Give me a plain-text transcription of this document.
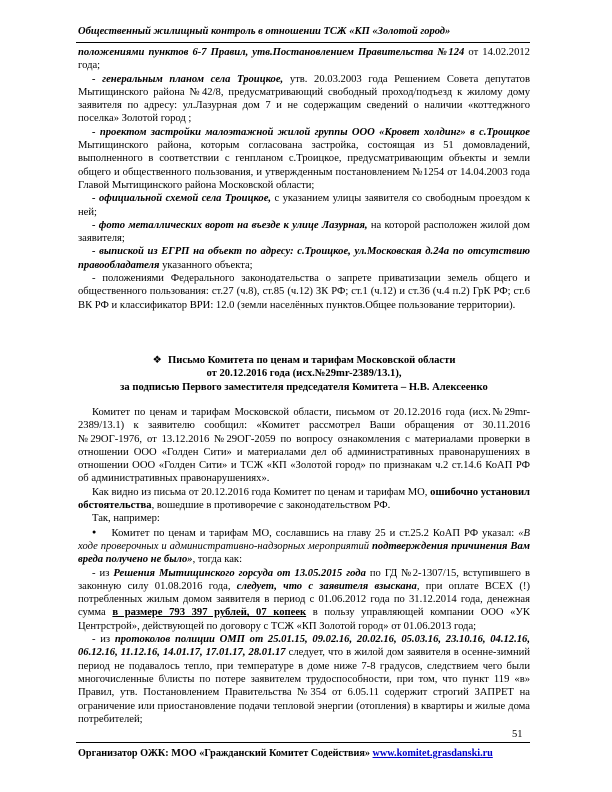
Общественный жилищный контроль в отношении ТСЖ «КП «Золотой город»

положениями пунктов 6-7 Правил, утв.Постановлением Правительства №124 от 14.02.2012 года;

- генеральным планом села Троицкое, утв. 20.03.2003 года Решением Совета депутатов Мытищинского района №42/8, предусматривающий свободный проход/подъезд к жилому дому заявителя по адресу: ул.Лазурная дом 7 и не содержащим сведений о наличии «коттеджного поселка» Золотой город ;

- проектом застройки малоэтажной жилой группы ООО «Кровет холдинг» в с.Троицкое Мытищинского района, которым согласована застройка, состоящая из 51 домовладений, выполненного в соответствии с генпланом с.Троицкое, предусматривающим объекты и земли общего и общественного пользования, и утвержденным постановлением №1254 от 14.04.2003 года Главой Мытищинского района Московской области;

- официальной схемой села Троицкое, с указанием улицы заявителя со свободным проездом к ней;

- фото металлических ворот на въезде к улице Лазурная, на которой расположен жилой дом заявителя;

- выпиской из ЕГРП на объект по адресу: с.Троицкое, ул.Московская д.24а по отсутствию правообладателя указанного объекта;

- положениями Федерального законодательства о запрете приватизации земель общего и общественного пользования: ст.27 (ч.8), ст.85 (ч.12) ЗК РФ; ст.1 (ч.12) и ст.36 (ч.4 п.2) ГрК РФ; ст.6 ВК РФ и классификатор ВРИ: 12.0 (земли населённых пунктов.Общее пользование территории).

❖ Письмо Комитета по ценам и тарифам Московской области
от 20.12.2016 года (исх.№29mr-2389/13.1),
за подписью Первого заместителя председателя Комитета – Н.В. Алексеенко

Комитет по ценам и тарифам Московской области, письмом от 20.12.2016 года (исх.№29mr-2389/13.1) к заявителю сообщил: «Комитет рассмотрел Ваши обращения от 30.11.2016 №29ОГ-1976, от 13.12.2016 №29ОГ-2059 по вопросу ознакомления с материалами проверки в отношении ООО «Голден Сити» и материалами дел об административных правонарушениях в отношении ООО «Голден Сити» и ТСЖ «КП «Золотой город» по признакам ч.2 ст.14.6 КоАП РФ об административных правонарушениях».

Как видно из письма от 20.12.2016 года Комитет по ценам и тарифам МО, ошибочно установил обстоятельства, вошедшие в противоречие с законодательством РФ.

Так, например:

● Комитет по ценам и тарифам МО, сославшись на главу 25 и ст.25.2 КоАП РФ указал: «В ходе проверочных и административно-надзорных мероприятий подтверждения причинения Вам вреда получено не было», тогда как:

- из Решения Мытищинского горсуда от 13.05.2015 года по ГД №2-1307/15, вступившего в законную силу 01.08.2016 года, следует, что с заявителя взыскана, при оплате ВСЕХ (!) потребленных жилым домом заявителя в период с 01.06.2012 года по 31.12.2014 года, денежная сумма в размере 793 397 рублей, 07 копеек в пользу управляющей компании ООО «УК Центрстрой», действующей по договору с ТСЖ «КП Золотой город» от 01.06.2013 года;

- из протоколов полиции ОМП от 25.01.15, 09.02.16, 20.02.16, 05.03.16, 23.10.16, 04.12.16, 06.12.16, 11.12.16, 14.01.17, 17.01.17, 28.01.17 следует, что в жилой дом заявителя в осенне-зимний период не подавалось тепло, при температуре в доме ниже 7-8 градусов, следствием чего были многочисленные б\листы по потере заявителем трудоспособности, при том, что пункт 119 «в» Правил, утв. Постановлением Правительства №354 от 6.05.11 содержит строгий ЗАПРЕТ на ограничение или приостановление подачи тепловой энергии (отопления) в квартиры и жилые дома потребителей;

51
Организатор ОЖК: МОО «Гражданский Комитет Содействия» www.komitet.grasdanski.ru
